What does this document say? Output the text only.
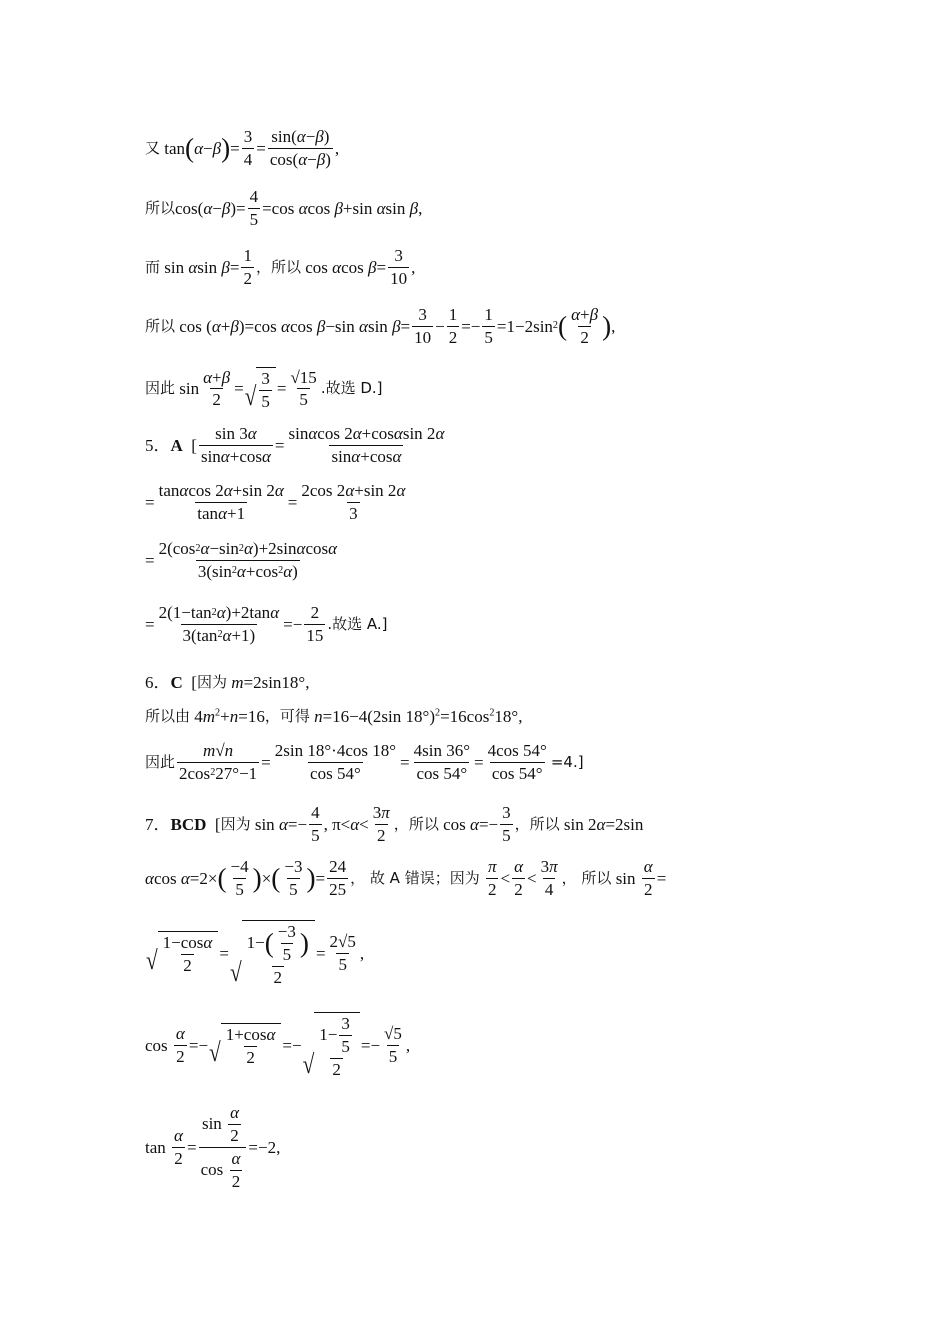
又 tan ( α − β ) = $\frac{3}{4} = \frac{\sin( \alpha - \beta )}{\cos( \alpha - \beta )}$ ,
所以 $\cos(\alpha-\beta)= \frac{4}{5} =\cos$ αcos β+sin αsin β,
而 sin αsin $\beta= \frac{1}{2}$ ，所以 cos αcos $\beta= \frac{3}{10}$ ,
所以 cos (α+β)=cos αcos β−sin αsin $\beta= \frac{3}{10} - \frac{1}{2} =- \frac{1}{5} =1-2\sin$ 2 ( $\frac{\alpha + \beta}{2}$ ) ,
因此 $\sin \frac{\alpha + \beta}{2}$ = √ $\frac{3}{5} = \frac{√15}{5}$ .故选 D.]
5． A [ $\frac{\sin 3 \alpha}{\text{sin α +cos α}} = \frac{\text{sin α cos 2 α +cos α sin 2 α}}{\text{sin α +cos α}}$
= $\frac{\text{tan α cos 2 α +sin 2 α}}{\text{tan α +1}} = \frac{2\cos 2 \alpha +\sin 2 \alpha}{3}$
= $\frac{\text{2(cos 2 α −sin 2 α )+2sin α cos α}}{3(\sin 2 \alpha +\cos 2 \alpha )}$
= $\frac{\text{2(1−tan 2 α )+2tan α}}{3(\tan 2 \alpha +1)} =- \frac{2}{15}$ .故选 A.]
6． C [ 因为 m=2sin18°,
所以由 $4m^2+n=16$ ，可得 n=16−4(2sin $18^\circ)^2=16\cos^218^\circ$,
因此 $\frac{m √ n}{2\cos 2 27^\circ-1} = \frac{2\sin 18^\circ\cdot 4\cos 18^\circ}{\cos 54^\circ} = \frac{4\sin 36^\circ}{\cos 54^\circ} = \frac{4\cos 54^\circ}{\cos 54^\circ} =4$.]
7． BCD [ 因为 $\sin \alpha=- \frac{4}{5}$ , $\pi<\alpha< \frac{3 \pi}{2}$ ， 所以 $\cos \alpha=- \frac{3}{5}$ ， 所以 sin 2α=2sin
αcos α=2× ( $\frac{-4}{5}$ ) × ( $\frac{-3}{5}$ ) = $\frac{24}{25}$ ， 故 A 错误；因为
$\frac{\pi}{2} < \frac{\alpha}{2} < \frac{3 \pi}{4}$ ， 所以 $\sin \frac{\alpha}{2}$ =
√ $\frac{\text{1−cos α}}{2}$ =
√ $\frac{1- ( \frac{-3}{5} )}{2} = \frac{2√5}{5}$ ,
$\cos \frac{\alpha}{2}$ =− √ $\frac{\text{1+cos α}}{2}$ =−
√ $\frac{1- \frac{3}{5}}{2} =- \frac{√5}{5}$ ,
$\tan \frac{\alpha}{2} = \frac{\sin \frac{\alpha}{2}}{\cos \frac{\alpha}{2}} =-2$,
